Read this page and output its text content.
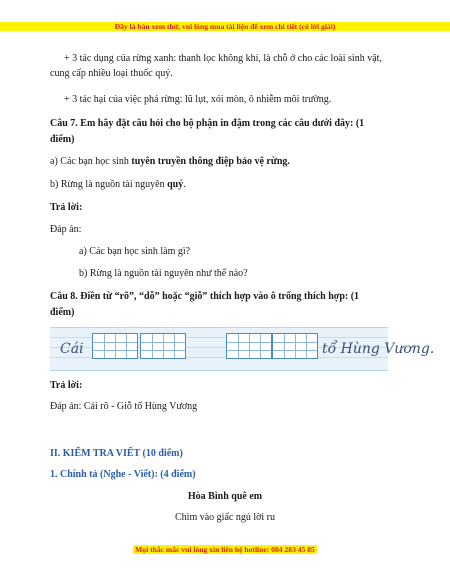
Đây là bản xem thử, vui lòng mua tài liệu để xem chi tiết (có lời giải)
+ 3 tác dụng của rừng xanh: thanh lọc không khí, là chỗ ở cho các loài sinh vật,
cung cấp nhiều loại thuốc quý.
+ 3 tác hại của việc phá rừng: lũ lụt, xói mòn, ô nhiễm môi trường.
Câu 7. Em hãy đặt câu hỏi cho bộ phận in đậm trong các câu dưới đây: (1
điểm)
a) Các bạn học sinh tuyên truyền thông điệp bảo vệ rừng.
b) Rừng là nguồn tài nguyên quý.
Trả lời:
Đáp án:
a) Các bạn học sinh làm gì?
b) Rừng là nguồn tài nguyên như thế nào?
Câu 8. Điền từ “rõ”, “dỗ” hoặc “giỗ” thích hợp vào ô trống thích hợp: (1
điểm)
Cái	tổ Hùng Vương.
Trả lời:
Đáp án: Cái rõ - Giỗ tổ Hùng Vương
II. KIỂM TRA VIẾT (10 điểm)
1. Chính tả (Nghe - Viết): (4 điểm)
Hòa Bình quê em
Chìm vào giấc ngủ lời ru
Mọi thắc mắc vui lòng xin liên hệ hotline: 084 283 45 85
